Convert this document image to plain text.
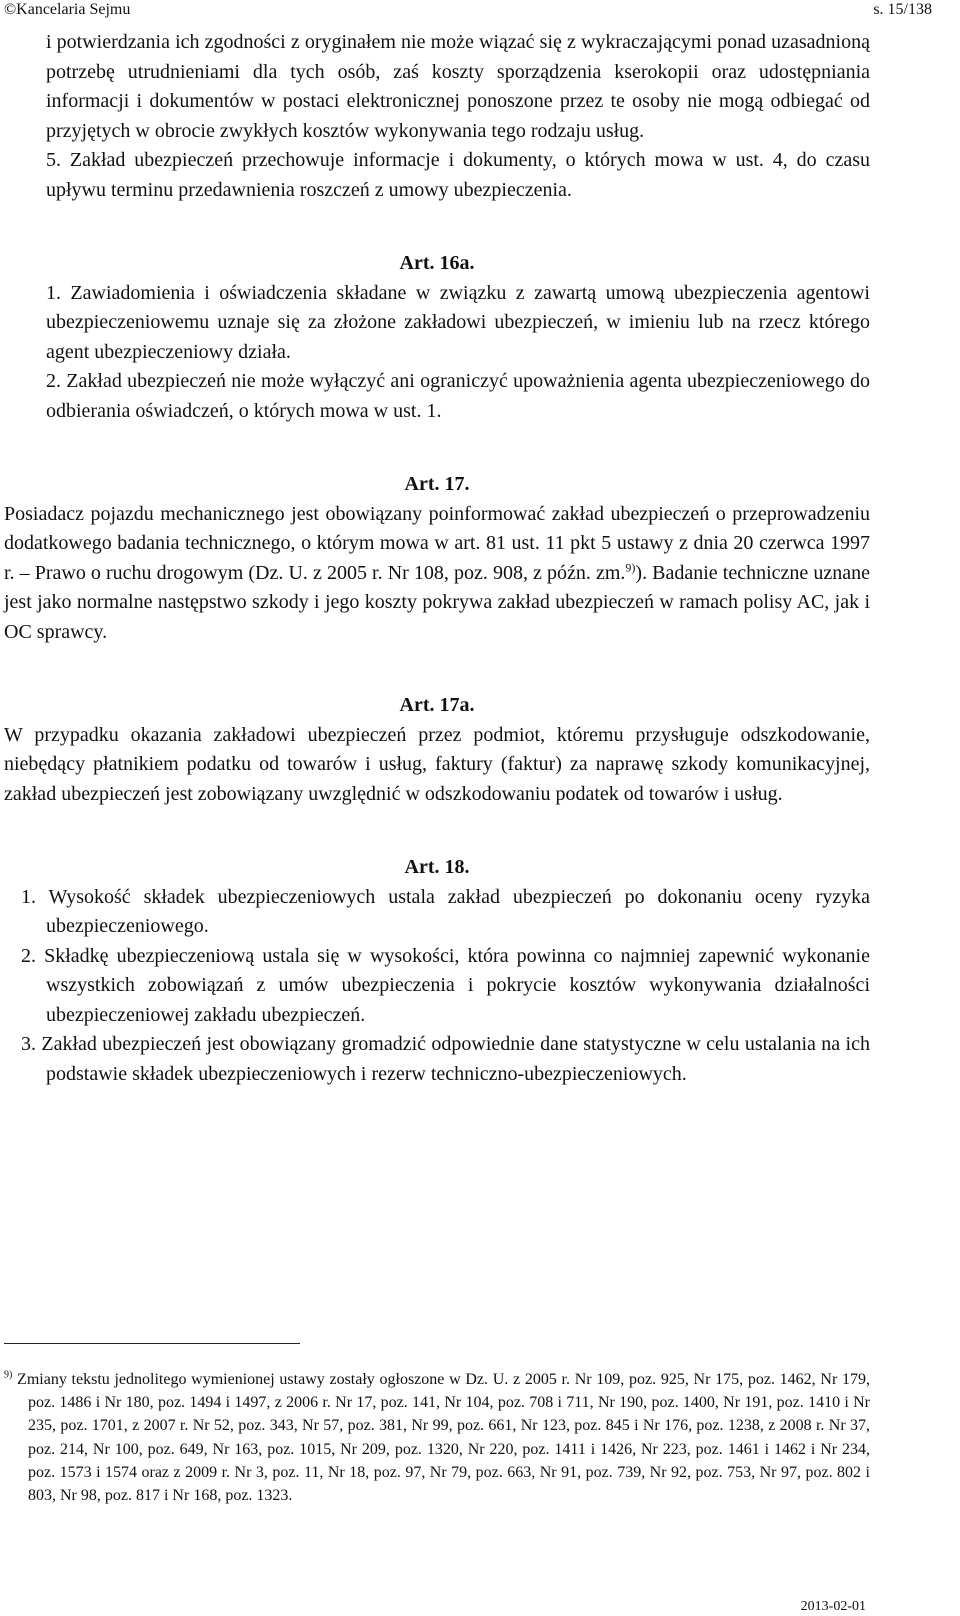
©Kancelaria Sejmu	s. 15/138

i potwierdzania ich zgodności z oryginałem nie może wiązać się z wykraczającymi ponad uzasadnioną potrzebę utrudnieniami dla tych osób, zaś koszty sporządzenia kserokopii oraz udostępniania informacji i dokumentów w postaci elektronicznej ponoszone przez te osoby nie mogą odbiegać od przyjętych w obrocie zwykłych kosztów wykonywania tego rodzaju usług.

5. Zakład ubezpieczeń przechowuje informacje i dokumenty, o których mowa w ust. 4, do czasu upływu terminu przedawnienia roszczeń z umowy ubezpieczenia.

Art. 16a.

1. Zawiadomienia i oświadczenia składane w związku z zawartą umową ubezpieczenia agentowi ubezpieczeniowemu uznaje się za złożone zakładowi ubezpieczeń, w imieniu lub na rzecz którego agent ubezpieczeniowy działa.

2. Zakład ubezpieczeń nie może wyłączyć ani ograniczyć upoważnienia agenta ubezpieczeniowego do odbierania oświadczeń, o których mowa w ust. 1.

Art. 17.

Posiadacz pojazdu mechanicznego jest obowiązany poinformować zakład ubezpieczeń o przeprowadzeniu dodatkowego badania technicznego, o którym mowa w art. 81 ust. 11 pkt 5 ustawy z dnia 20 czerwca 1997 r. – Prawo o ruchu drogowym (Dz. U. z 2005 r. Nr 108, poz. 908, z późn. zm.$^{9)}$). Badanie techniczne uznane jest jako normalne następstwo szkody i jego koszty pokrywa zakład ubezpieczeń w ramach polisy AC, jak i OC sprawcy.

Art. 17a.

W przypadku okazania zakładowi ubezpieczeń przez podmiot, któremu przysługuje odszkodowanie, niebędący płatnikiem podatku od towarów i usług, faktury (faktur) za naprawę szkody komunikacyjnej, zakład ubezpieczeń jest zobowiązany uwzględnić w odszkodowaniu podatek od towarów i usług.

Art. 18.

1. Wysokość składek ubezpieczeniowych ustala zakład ubezpieczeń po dokonaniu oceny ryzyka ubezpieczeniowego.

2. Składkę ubezpieczeniową ustala się w wysokości, która powinna co najmniej zapewnić wykonanie wszystkich zobowiązań z umów ubezpieczenia i pokrycie kosztów wykonywania działalności ubezpieczeniowej zakładu ubezpieczeń.

3. Zakład ubezpieczeń jest obowiązany gromadzić odpowiednie dane statystyczne w celu ustalania na ich podstawie składek ubezpieczeniowych i rezerw techniczno-ubezpieczeniowych.

$^{9)}$ Zmiany tekstu jednolitego wymienionej ustawy zostały ogłoszone w Dz. U. z 2005 r. Nr 109, poz. 925, Nr 175, poz. 1462, Nr 179, poz. 1486 i Nr 180, poz. 1494 i 1497, z 2006 r. Nr 17, poz. 141, Nr 104, poz. 708 i 711, Nr 190, poz. 1400, Nr 191, poz. 1410 i Nr 235, poz. 1701, z 2007 r. Nr 52, poz. 343, Nr 57, poz. 381, Nr 99, poz. 661, Nr 123, poz. 845 i Nr 176, poz. 1238, z 2008 r. Nr 37, poz. 214, Nr 100, poz. 649, Nr 163, poz. 1015, Nr 209, poz. 1320, Nr 220, poz. 1411 i 1426, Nr 223, poz. 1461 i 1462 i Nr 234, poz. 1573 i 1574 oraz z 2009 r. Nr 3, poz. 11, Nr 18, poz. 97, Nr 79, poz. 663, Nr 91, poz. 739, Nr 92, poz. 753, Nr 97, poz. 802 i 803, Nr 98, poz. 817 i Nr 168, poz. 1323.

2013-02-01
